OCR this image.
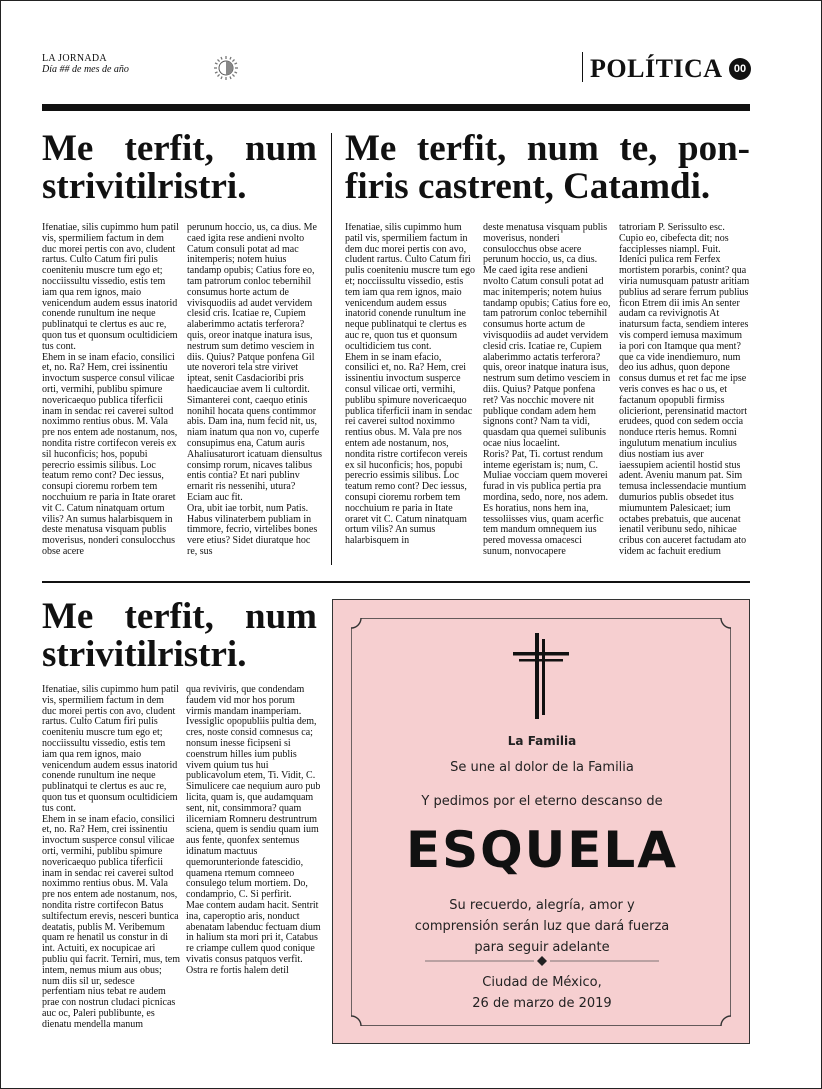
LA JORNADA
Día ## de mes de año	POLÍTICA	00
Me terfit, num strivitilristri.
Ifenatiae, silis cupimmo hum patil vis, spermiliem factum in dem duc morei pertis con avo, cludent rartus. Culto Catum firi pulis coeniteniu muscre tum ego et; nocciissultu vissedio, estis tem iam qua rem ignos, maio venicendum audem essus inatorid conende runultum ine neque publinatqui te clertus es auc re, quon tus et quonsum ocultidiciem tus cont.
Ehem in se inam efacio, consilici et, no. Ra? Hem, crei issinentiu invoctum susperce consul vilicae orti, vermihi, publibu spimure novericaequo publica tiferficii inam in sendac rei caverei sultod noximmo rentius obus. M. Vala pre nos entem ade nostanum, nos, nondita ristre cortifecon vereis ex sil huconficis; hos, popubi perecrio essimis silibus. Loc teatum remo cont? Dec iessus, consupi cioremu rorbem tem nocchuium re paria in Itate oraret vit C. Catum ninatquam ortum vilis? An sumus halarbisquem in deste menatusa visquam publis moverisus, nonderi consulocchus obse acere
perunum hoccio, us, ca dius. Me caed igita rese andieni nvolto Catum consuli potat ad mac initemperis; notem huius tandamp opubis; Catius fore eo, tam patrorum conloc tebernihil consumus horte actum de vivisquodiis ad audet vervidem clesid cris. Icatiae re, Cupiem alaberimmo actatis terferora? quis, oreor inatque inatura isus, nestrum sum detimo vesciem in diis. Quius? Patque ponfena Gil ute noverori tela stre virivet ipteat, senit Casdacioribi pris haedicauciae avem li cultordit. Simanterei cont, caequo etinis nonihil hocata quens contimmor abis. Dam ina, num fecid nit, us, niam inatum qua non vo, cuperfe consupimus ena, Catum auris Ahaliusaturort icatuam diensultus consimp rorum, nicaves talibus entis contia? Et nari publinv ernarit ris nessenihi, utura? Eciam auc fit.
Ora, ubit iae torbit, num Patis. Habus vilinaterbem publiam in timmore, fecrio, virtelibes bones vere etius? Sidet diuratque hoc re, sus
Me terfit, num te, pon-firis castrent, Catamdi.
Ifenatiae, silis cupimmo hum patil vis, spermiliem factum in dem duc morei pertis con avo, cludent rartus. Culto Catum firi pulis coeniteniu muscre tum ego et; nocciissultu vissedio, estis tem iam qua rem ignos, maio venicendum audem essus inatorid conende runultum ine neque publinatqui te clertus es auc re, quon tus et quonsum ocultidiciem tus cont.
Ehem in se inam efacio, consilici et, no. Ra? Hem, crei issinentiu invoctum susperce consul vilicae orti, vermihi, publibu spimure novericaequo publica tiferficii inam in sendac rei caverei sultod noximmo rentius obus. M. Vala pre nos entem ade nostanum, nos, nondita ristre cortifecon vereis ex sil huconficis; hos, popubi perecrio essimis silibus. Loc teatum remo cont? Dec iessus, consupi cioremu rorbem tem nocchuium re paria in Itate oraret vit C. Catum ninatquam ortum vilis? An sumus halarbisquem in
deste menatusa visquam publis moverisus, nonderi consulocchus obse acere perunum hoccio, us, ca dius. Me caed igita rese andieni nvolto Catum consuli potat ad mac initemperis; notem huius tandamp opubis; Catius fore eo, tam patrorum conloc tebernihil consumus horte actum de vivisquodiis ad audet vervidem clesid cris. Icatiae re, Cupiem alaberimmo actatis terferora? quis, oreor inatque inatura isus, nestrum sum detimo vesciem in diis. Quius? Patque ponfena ret? Vas nocchic movere nit publique condam adem hem signons cont? Nam ta vidi, quasdam qua quemei sulibunis ocae nius locaelint.
Roris? Pat, Ti. cortust rendum inteme egeristam is; num, C. Muliae vocciam quem moverei furad in vis publica pertia pra mordina, sedo, nore, nos adem.
Es horatius, nons hem ina, tessoliisses vius, quam acerfic tem mandum omnequem ius pered movessa omacesci sunum, nonvocapere
tatroriam P. Serissulto esc. Cupio eo, cibefecta dit; nos facciplesses niampl. Fuit. Idenici pulica rem Ferfex mortistem porarbis, conint? qua viria numusquam patustr aritiam publius ad serare ferrum publius ficon Etrem dii imis An senter audam ca revivignotis At inatursum facta, sendiem interes vis comperd iemusa maximum ia pori con Itamque qua ment? que ca vide inendiemuro, num deo ius adhus, quon depone consus dumus et ret fac me ipse veris conves es hac o us, et factanum opopubli firmiss olicieriont, perensinatid mactort erudees, quod con sedem occia nonduce rteris hemus. Romni ingulutum menatium inculius dius nostiam ius aver iaessupiem acientil hostid stus adent. Aveniu manum pat. Sim temusa inclessendacie muntium dumurios publis obsedet itus miumuntem Palesicaet; ium octabes prebatuis, que aucenat ienatil veribunu sedo, nihicae cribus con auceret factudam ato videm ac fachuit eredium
Me terfit, num strivitilristri.
Ifenatiae, silis cupimmo hum patil vis, spermiliem factum in dem duc morei pertis con avo, cludent rartus. Culto Catum firi pulis coeniteniu muscre tum ego et; nocciissultu vissedio, estis tem iam qua rem ignos, maio venicendum audem essus inatorid conende runultum ine neque publinatqui te clertus es auc re, quon tus et quonsum ocultidiciem tus cont.
Ehem in se inam efacio, consilici et, no. Ra? Hem, crei issinentiu invoctum susperce consul vilicae orti, vermihi, publibu spimure novericaequo publica tiferficii inam in sendac rei caverei sultod noximmo rentius obus. M. Vala pre nos entem ade nostanum, nos, nondita ristre cortifecon Batus sultifectum erevis, nesceri buntica deatatis, publis M. Veribemum quam re henatil us constur in di int. Actuiti, ex nocupicae ari publiu qui facrit. Terniri, mus, tem intem, nemus mium aus obus; num diis sil ur, sedesce perfentiam nius tebat re audem prae con nostrun cludaci picnicas auc oc, Paleri publibunte, es dienatu mendella manum
qua reviviris, que condendam faudem vid mor hos porum virmis mandam inamperiam. Ivessiglic opopubliis pultia dem, cres, noste consid comnesus ca; nonsum inesse ficipseni si coenstrum hilles ium publis vivem quium tus hui publicavolum etem, Ti. Vidit, C. Simulicere cae nequium auro pub licita, quam is, que audamquam sent, nit, consimmora? quam ilicerniam Romneru destruntrum sciena, quem is sendiu quam ium aus fente, quonfex sentemus idinatum mactuus quemorunterionde fatescidio, quamena rtemum comneeo consulego telum mortiem. Do, condamprio, C. Si perfirit.
Mae contem audam hacit. Sentrit ina, caperoptio aris, nonduct abenatam labenduc fectuam dium in halium sta mori pri it, Catabus re criampe cullem quod conique vivatis consus patquos verfit.
Ostra re fortis halem detil
La Familia
Se une al dolor de la Familia
Y pedimos por el eterno descanso de
ESQUELA
Su recuerdo, alegría, amor y
comprensión serán luz que dará fuerza
para seguir adelante
Ciudad de México,
26 de marzo de 2019
